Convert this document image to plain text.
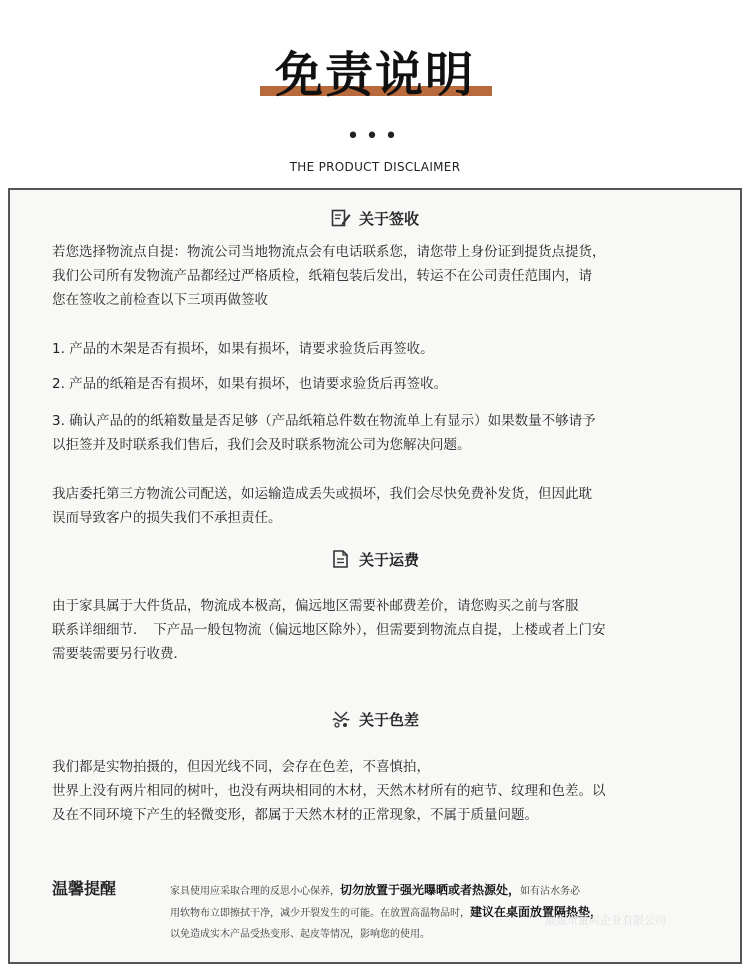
免责说明
•••
THE PRODUCT DISCLAIMER
关于签收

若您选择物流点自提：物流公司当地物流点会有电话联系您，请您带上身份证到提货点提货，

我们公司所有发物流产品都经过严格质检，纸箱包装后发出，转运不在公司责任范围内，请

您在签收之前检查以下三项再做签收

1. 产品的木架是否有损坏，如果有损坏，请要求验货后再签收。

2. 产品的纸箱是否有损坏，如果有损坏，也请要求验货后再签收。

3. 确认产品的的纸箱数量是否足够（产品纸箱总件数在物流单上有显示）如果数量不够请予

以拒签并及时联系我们售后，我们会及时联系物流公司为您解决问题。

我店委托第三方物流公司配送，如运输造成丢失或损坏，我们会尽快免费补发货，但因此耽

误而导致客户的损失我们不承担责任。

关于运费

由于家具属于大件货品，物流成本极高，偏远地区需要补邮费差价，请您购买之前与客服

联系详细细节．　下产品一般包物流（偏远地区除外），但需要到物流点自提，上楼或者上门安

需要装需要另行收费．

关于色差

我们都是实物拍摄的，但因光线不同，会存在色差，不喜慎拍，

世界上没有两片相同的树叶，也没有两块相同的木材，天然木材所有的疤节、纹理和色差。以

及在不同环境下产生的轻微变形，都属于天然木材的正常现象，不属于质量问题。

温馨提醒	家具使用应采取合理的反思小心保养，切勿放置于强光曝晒或者热源处，如有沾水务必

用软物布立即擦拭干净，减少开裂发生的可能。在放置高温物品时，建议在桌面放置隔热垫，

以免造成实木产品受热变形、起皮等情况，影响您的使用。

淑妮市童叫企业有限公司
